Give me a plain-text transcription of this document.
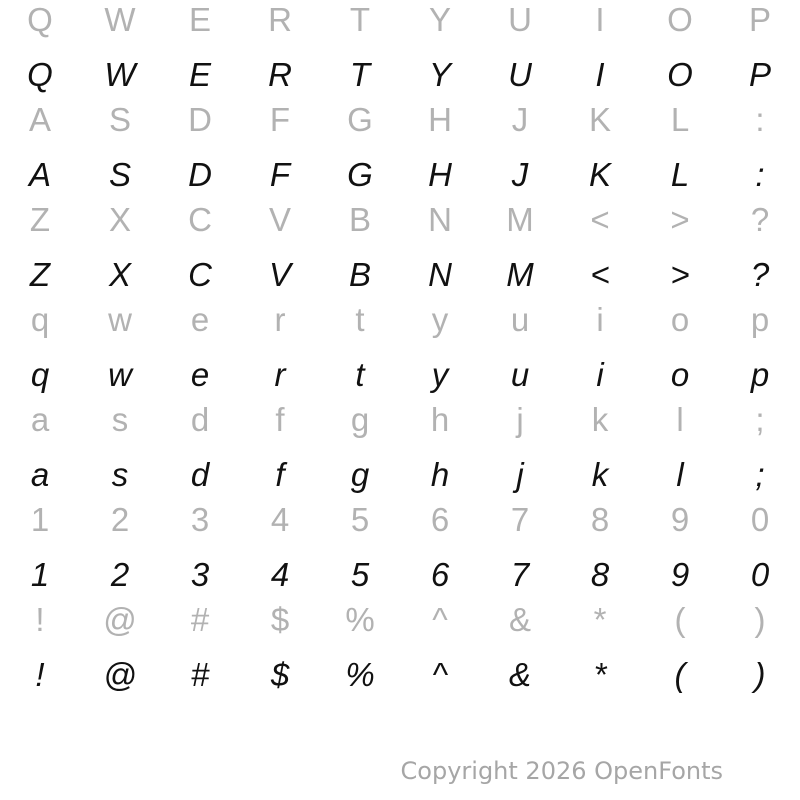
Q	W	E	R	T	Y	U	I	O	P
Q	W	E	R	T	Y	U	I	O	P
A	S	D	F	G	H	J	K	L	:
A	S	D	F	G	H	J	K	L	:
Z	X	C	V	B	N	M	<	>	?
Z	X	C	V	B	N	M	<	>	?
q	w	e	r	t	y	u	i	o	p
q	w	e	r	t	y	u	i	o	p
a	s	d	f	g	h	j	k	l	;
a	s	d	f	g	h	j	k	l	;
1	2	3	4	5	6	7	8	9	0
1	2	3	4	5	6	7	8	9	0
!	@	#	$	%	^	&	*	(	)
!	@	#	$	%	^	&	*	(	)
Copyright 2026 OpenFonts
